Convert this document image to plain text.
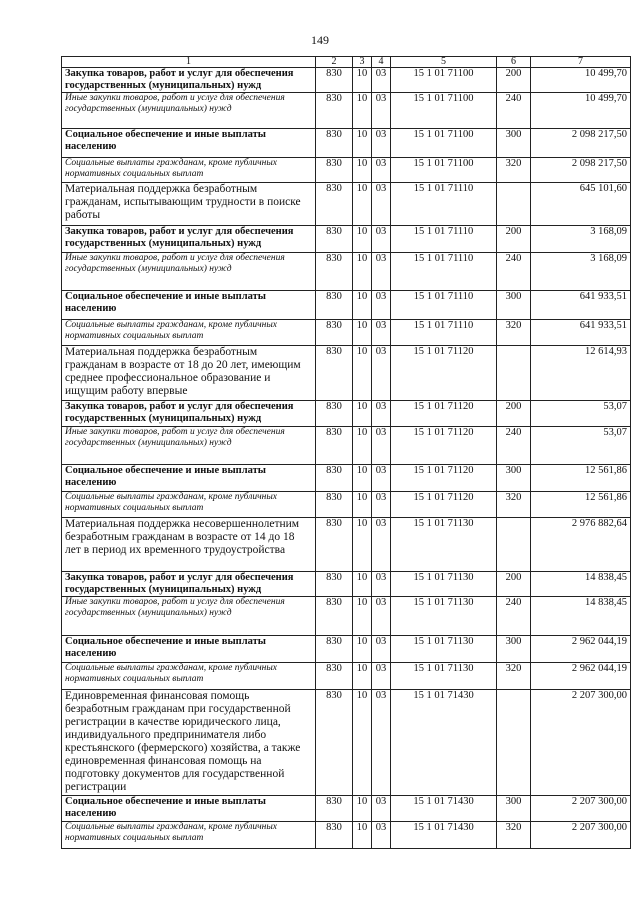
149
1	2	3	4	5	6	7
Закупка товаров, работ и услуг для обеспечения государственных (муниципальных) нужд	830	10	03	15 1 01 71100	200	10 499,70
Иные закупки товаров, работ и услуг для обеспечения государственных (муниципальных) нужд	830	10	03	15 1 01 71100	240	10 499,70
Социальное обеспечение и иные выплаты населению	830	10	03	15 1 01 71100	300	2 098 217,50
Социальные выплаты гражданам, кроме публичных нормативных социальных выплат	830	10	03	15 1 01 71100	320	2 098 217,50
Материальная поддержка безработным гражданам, испытывающим трудности в поиске работы	830	10	03	15 1 01 71110		645 101,60
Закупка товаров, работ и услуг для обеспечения государственных (муниципальных) нужд	830	10	03	15 1 01 71110	200	3 168,09
Иные закупки товаров, работ и услуг для обеспечения государственных (муниципальных) нужд	830	10	03	15 1 01 71110	240	3 168,09
Социальное обеспечение и иные выплаты населению	830	10	03	15 1 01 71110	300	641 933,51
Социальные выплаты гражданам, кроме публичных нормативных социальных выплат	830	10	03	15 1 01 71110	320	641 933,51
Материальная поддержка безработным гражданам в возрасте от 18 до 20 лет, имеющим среднее профессиональное образование и ищущим работу впервые	830	10	03	15 1 01 71120		12 614,93
Закупка товаров, работ и услуг для обеспечения государственных (муниципальных) нужд	830	10	03	15 1 01 71120	200	53,07
Иные закупки товаров, работ и услуг для обеспечения государственных (муниципальных) нужд	830	10	03	15 1 01 71120	240	53,07
Социальное обеспечение и иные выплаты населению	830	10	03	15 1 01 71120	300	12 561,86
Социальные выплаты гражданам, кроме публичных нормативных социальных выплат	830	10	03	15 1 01 71120	320	12 561,86
Материальная поддержка несовершеннолетним безработным гражданам в возрасте от 14 до 18 лет в период их временного трудоустройства	830	10	03	15 1 01 71130		2 976 882,64
Закупка товаров, работ и услуг для обеспечения государственных (муниципальных) нужд	830	10	03	15 1 01 71130	200	14 838,45
Иные закупки товаров, работ и услуг для обеспечения государственных (муниципальных) нужд	830	10	03	15 1 01 71130	240	14 838,45
Социальное обеспечение и иные выплаты населению	830	10	03	15 1 01 71130	300	2 962 044,19
Социальные выплаты гражданам, кроме публичных нормативных социальных выплат	830	10	03	15 1 01 71130	320	2 962 044,19
Единовременная финансовая помощь безработным гражданам при государственной регистрации в качестве юридического лица, индивидуального предпринимателя либо крестьянского (фермерского) хозяйства, а также единовременная финансовая помощь на подготовку документов для государственной регистрации	830	10	03	15 1 01 71430		2 207 300,00
Социальное обеспечение и иные выплаты населению	830	10	03	15 1 01 71430	300	2 207 300,00
Социальные выплаты гражданам, кроме публичных нормативных социальных выплат	830	10	03	15 1 01 71430	320	2 207 300,00
